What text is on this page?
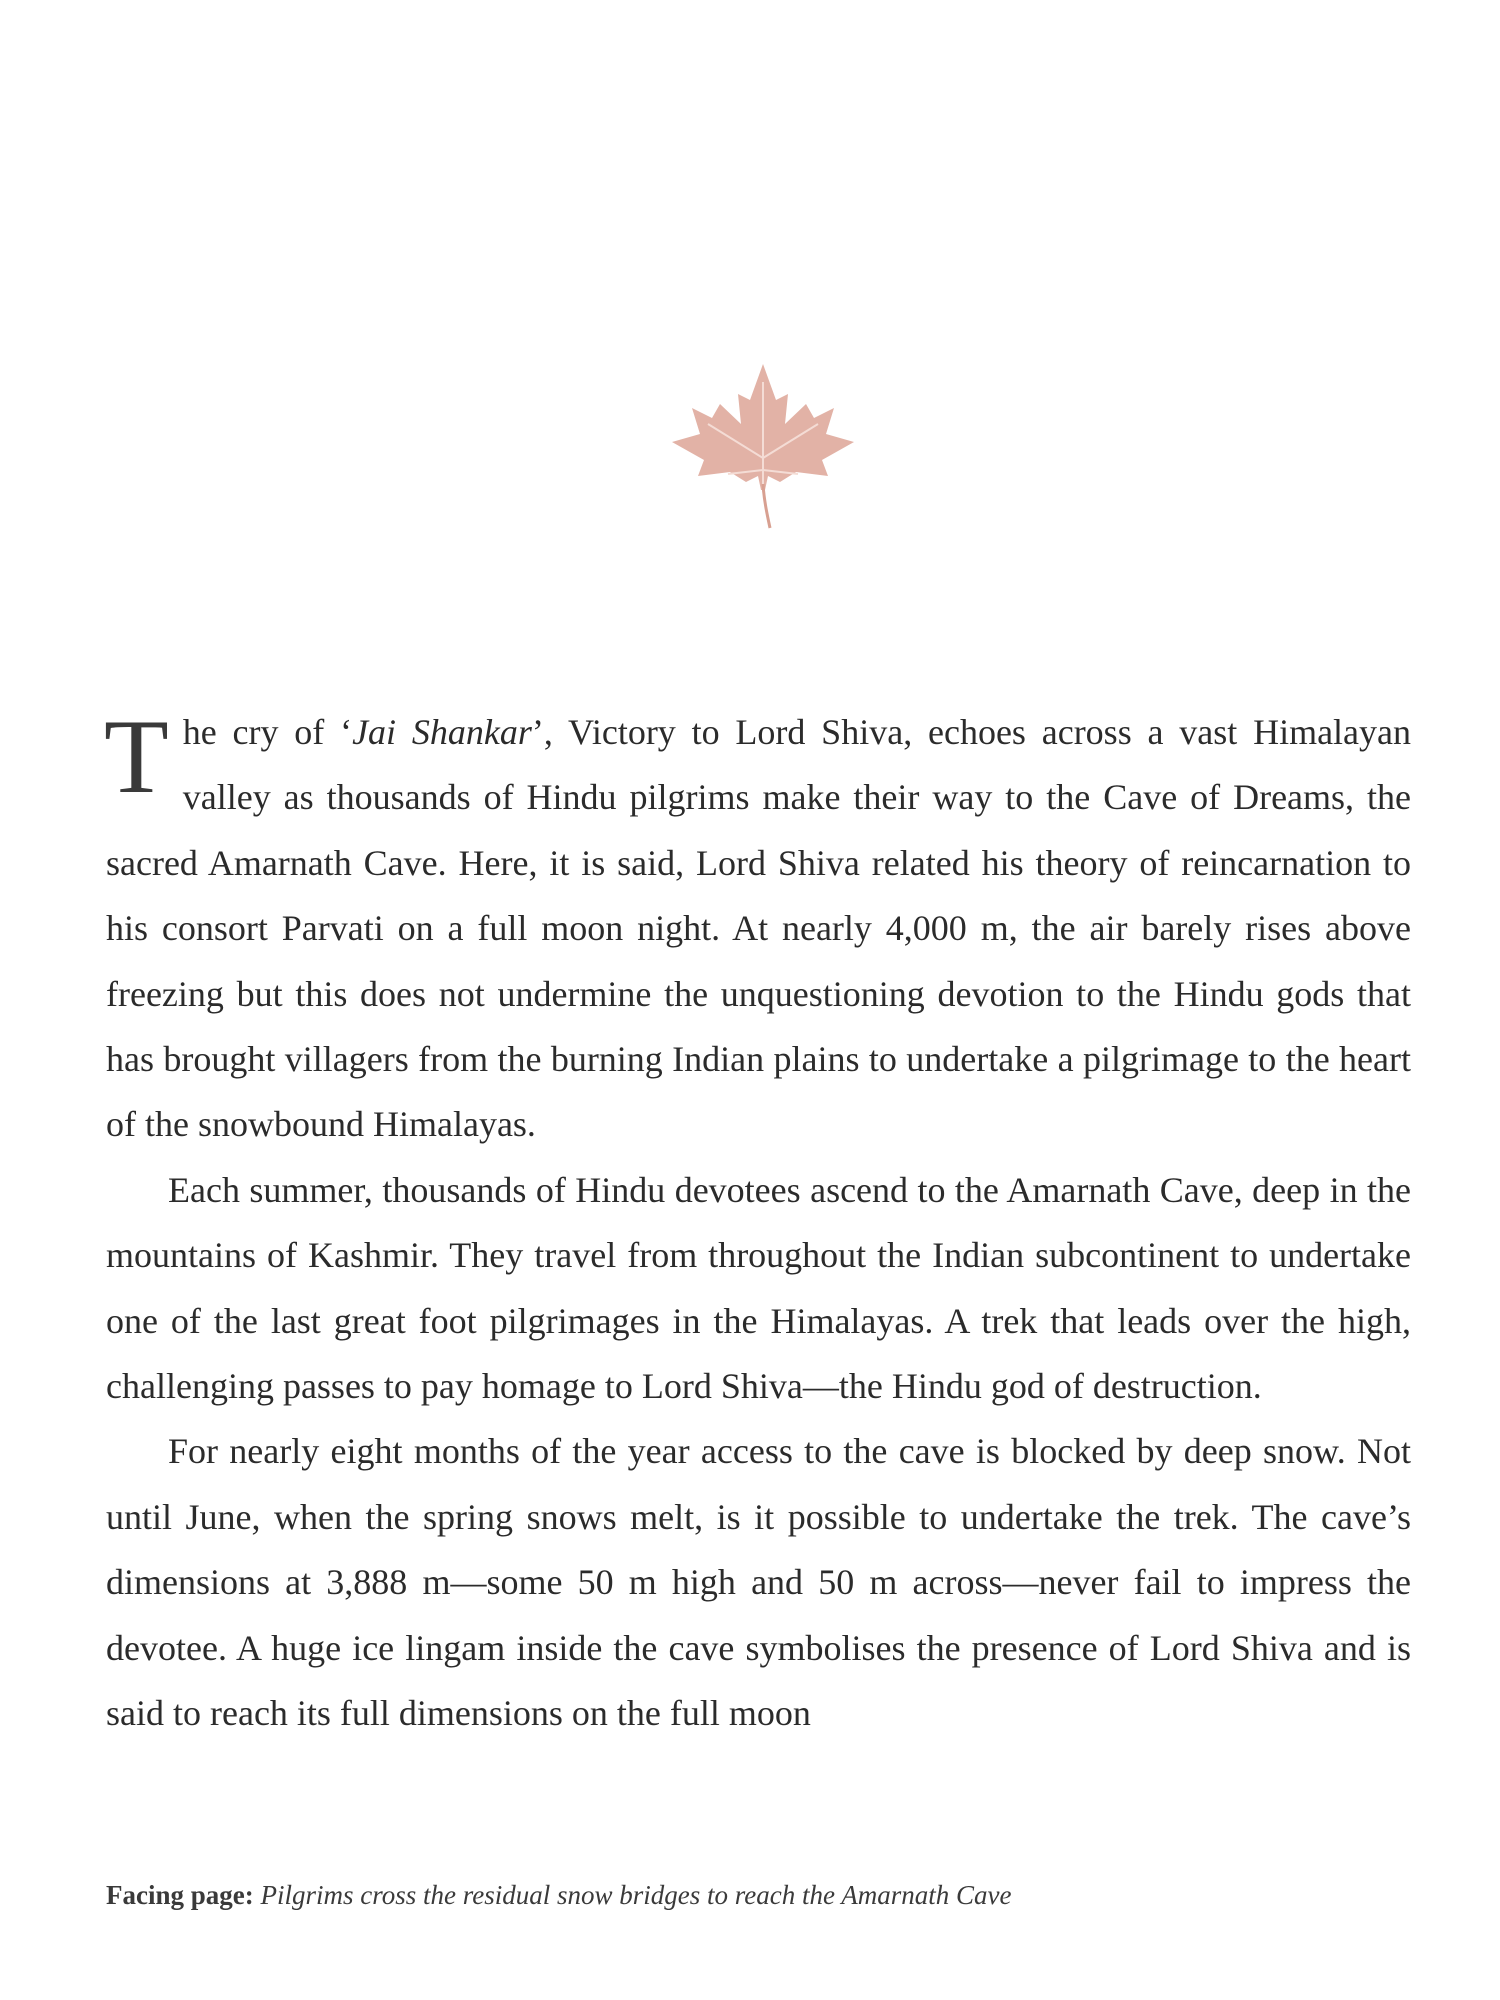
The cry of ‘Jai Shankar’, Victory to Lord Shiva, echoes across a vast Himalayan valley as thousands of Hindu pilgrims make their way to the Cave of Dreams, the sacred Amarnath Cave. Here, it is said, Lord Shiva related his theory of reincarnation to his consort Parvati on a full moon night. At nearly 4,000 m, the air barely rises above freezing but this does not undermine the unquestioning devotion to the Hindu gods that has brought villagers from the burning Indian plains to undertake a pilgrimage to the heart of the snowbound Himalayas.

Each summer, thousands of Hindu devotees ascend to the Amarnath Cave, deep in the mountains of Kashmir. They travel from throughout the Indian subcontinent to undertake one of the last great foot pilgrimages in the Himalayas. A trek that leads over the high, challenging passes to pay homage to Lord Shiva—the Hindu god of destruction.

For nearly eight months of the year access to the cave is blocked by deep snow. Not until June, when the spring snows melt, is it possible to undertake the trek. The cave’s dimensions at 3,888 m—some 50 m high and 50 m across—never fail to impress the devotee. A huge ice lingam inside the cave symbolises the presence of Lord Shiva and is said to reach its full dimensions on the full moon

Facing page: Pilgrims cross the residual snow bridges to reach the Amarnath Cave
